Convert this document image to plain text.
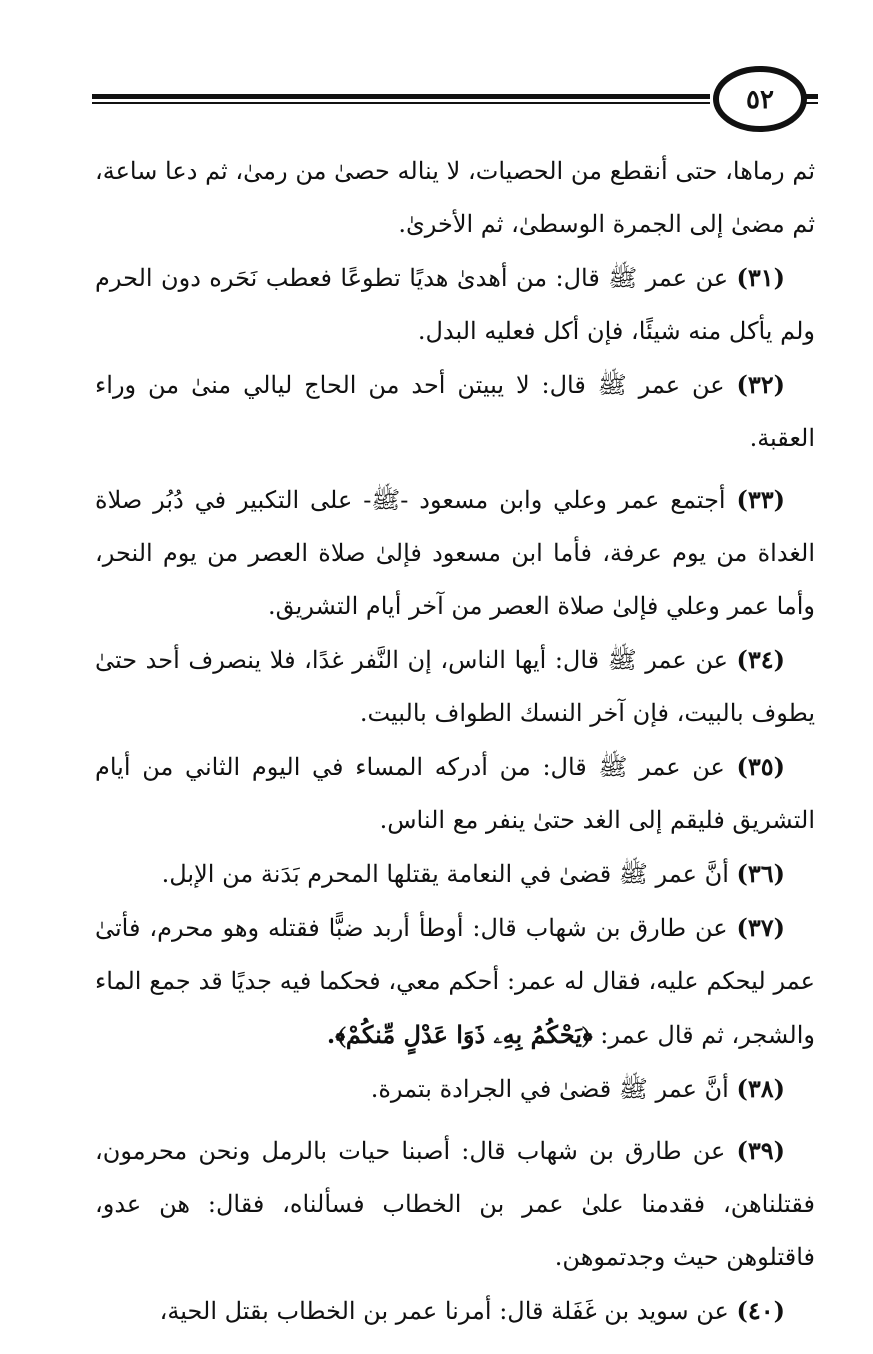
٥٢

ثم رماها، حتى أنقطع من الحصيات، لا يناله حصىٰ من رمىٰ، ثم دعا ساعة، ثم مضىٰ إلى الجمرة الوسطىٰ، ثم الأخرىٰ.

(٣١) عن عمر ﷺ قال: من أهدىٰ هديًا تطوعًا فعطب نَحَره دون الحرم ولم يأكل منه شيئًا، فإن أكل فعليه البدل.

(٣٢) عن عمر ﷺ قال: لا يبيتن أحد من الحاج ليالي منىٰ من وراء العقبة.

(٣٣) أجتمع عمر وعلي وابن مسعود -ﷺ- على التكبير في دُبُر صلاة الغداة من يوم عرفة، فأما ابن مسعود فإلىٰ صلاة العصر من يوم النحر، وأما عمر وعلي فإلىٰ صلاة العصر من آخر أيام التشريق.

(٣٤) عن عمر ﷺ قال: أيها الناس، إن النَّفر غدًا، فلا ينصرف أحد حتىٰ يطوف بالبيت، فإن آخر النسك الطواف بالبيت.

(٣٥) عن عمر ﷺ قال: من أدركه المساء في اليوم الثاني من أيام التشريق فليقم إلى الغد حتىٰ ينفر مع الناس.

(٣٦) أنَّ عمر ﷺ قضىٰ في النعامة يقتلها المحرم بَدَنة من الإبل.

(٣٧) عن طارق بن شهاب قال: أوطأ أربد ضبًّا فقتله وهو محرم، فأتىٰ عمر ليحكم عليه، فقال له عمر: أحكم معي، فحكما فيه جديًا قد جمع الماء والشجر، ثم قال عمر: ﴿يَحْكُمُ بِهِۦ ذَوَا عَدْلٍ مِّنكُمْ﴾.

(٣٨) أنَّ عمر ﷺ قضىٰ في الجرادة بتمرة.

(٣٩) عن طارق بن شهاب قال: أصبنا حيات بالرمل ونحن محرمون، فقتلناهن، فقدمنا علىٰ عمر بن الخطاب فسألناه، فقال: هن عدو، فاقتلوهن حيث وجدتموهن.

(٤٠) عن سويد بن غَفَلة قال: أمرنا عمر بن الخطاب بقتل الحية،
